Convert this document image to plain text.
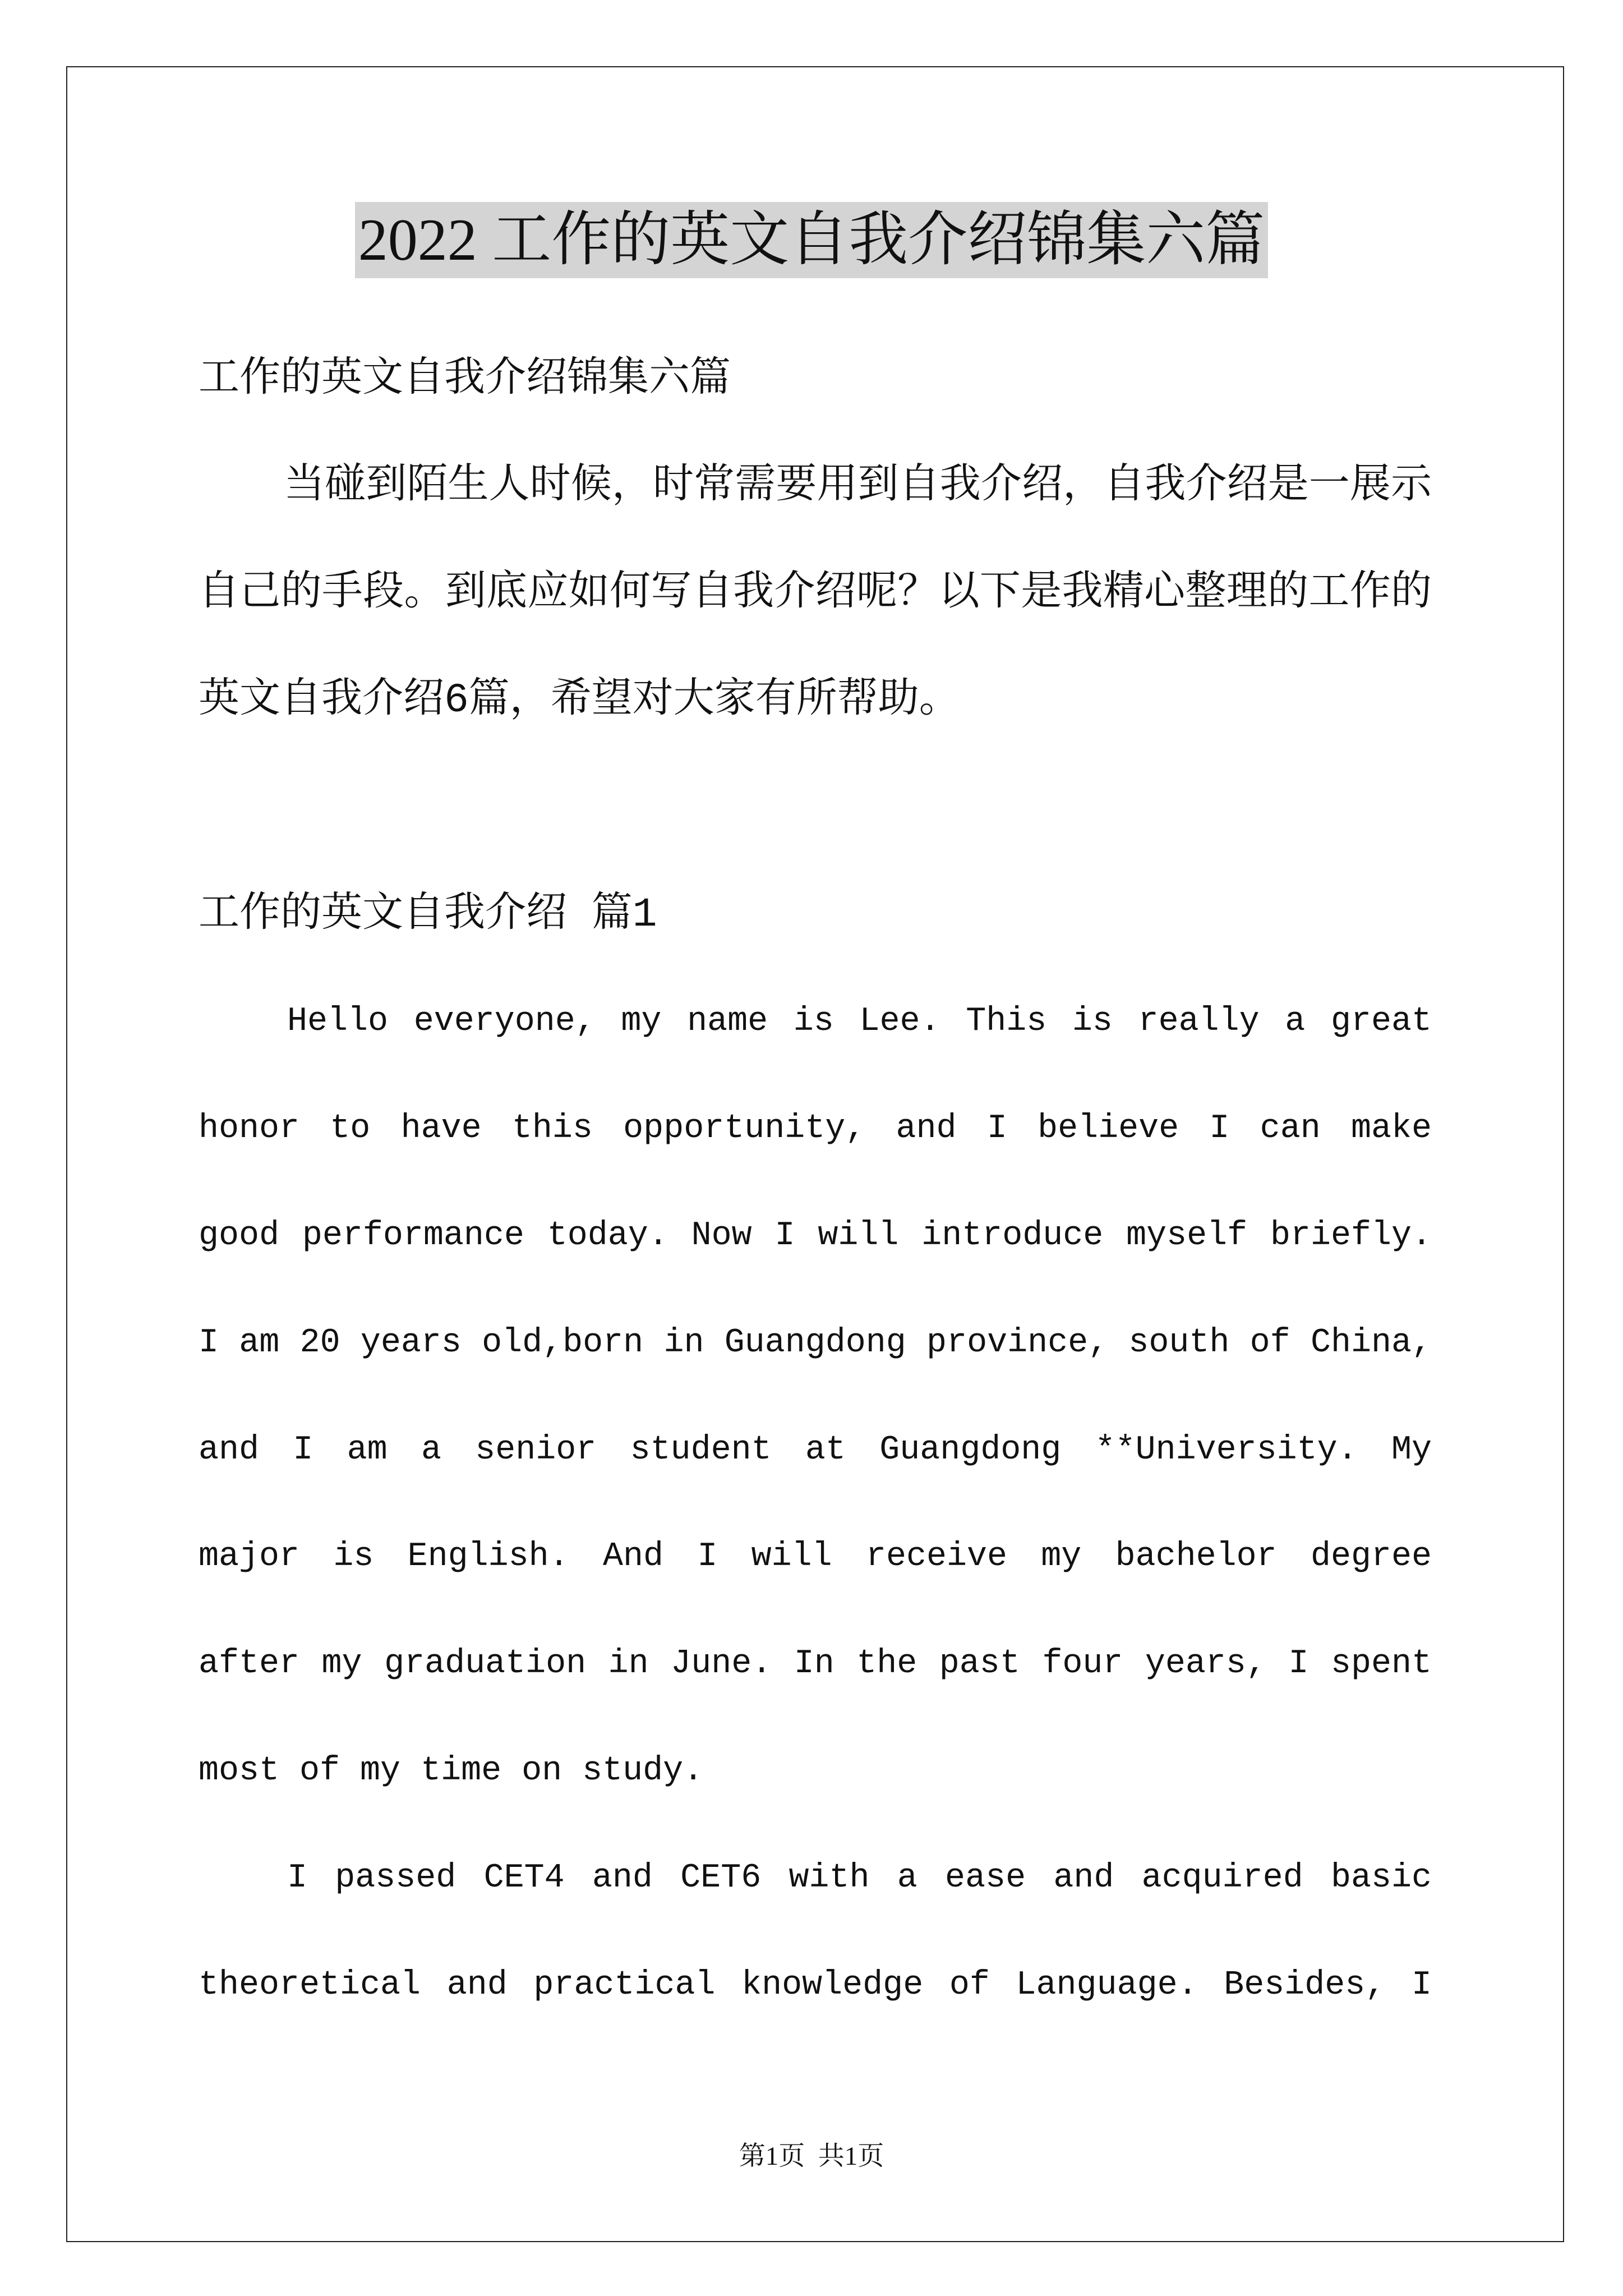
2022 工作的英文自我介绍锦集六篇
工作的英文自我介绍锦集六篇
当碰到陌生人时候，时常需要用到自我介绍，自我介绍是一展示
自己的手段。到底应如何写自我介绍呢？以下是我精心整理的工作的
英文自我介绍6篇，希望对大家有所帮助。
工作的英文自我介绍 篇1
Hello everyone, my name is Lee. This is really a great
honor to have this opportunity, and I believe I can make
good performance today. Now I will introduce myself briefly.
I am 20 years old,born in Guangdong province, south of China,
and I am a senior student at Guangdong **University. My
major is English. And I will receive my bachelor degree
after my graduation in June. In the past four years, I spent
most of my time on study.
I passed CET4 and CET6 with a ease and acquired basic
theoretical and practical knowledge of Language. Besides, I
第1页  共1页
